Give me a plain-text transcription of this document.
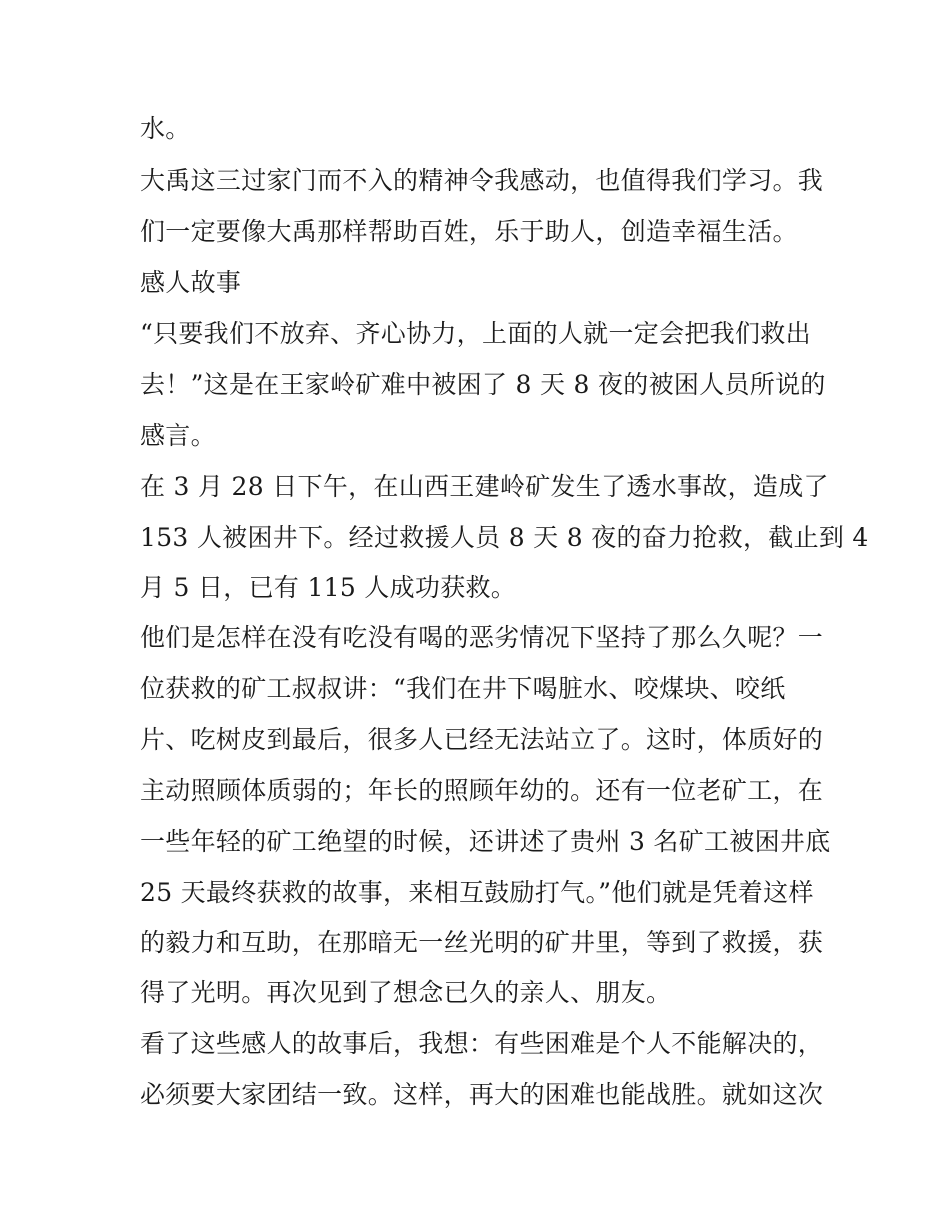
水。
大禹这三过家门而不入的精神令我感动，也值得我们学习。我
们一定要像大禹那样帮助百姓，乐于助人，创造幸福生活。
感人故事
“只要我们不放弃、齐心协力，上面的人就一定会把我们救出
去！”这是在王家岭矿难中被困了 8 天 8 夜的被困人员所说的
感言。
在 3 月 28 日下午，在山西王建岭矿发生了透水事故，造成了
153 人被困井下。经过救援人员 8 天 8 夜的奋力抢救，截止到 4
月 5 日，已有 115 人成功获救。
他们是怎样在没有吃没有喝的恶劣情况下坚持了那么久呢？一
位获救的矿工叔叔讲：“我们在井下喝脏水、咬煤块、咬纸
片、吃树皮到最后，很多人已经无法站立了。这时，体质好的
主动照顾体质弱的；年长的照顾年幼的。还有一位老矿工，在
一些年轻的矿工绝望的时候，还讲述了贵州 3 名矿工被困井底
25 天最终获救的故事，来相互鼓励打气。”他们就是凭着这样
的毅力和互助，在那暗无一丝光明的矿井里，等到了救援，获
得了光明。再次见到了想念已久的亲人、朋友。
看了这些感人的故事后，我想：有些困难是个人不能解决的，
必须要大家团结一致。这样，再大的困难也能战胜。就如这次
